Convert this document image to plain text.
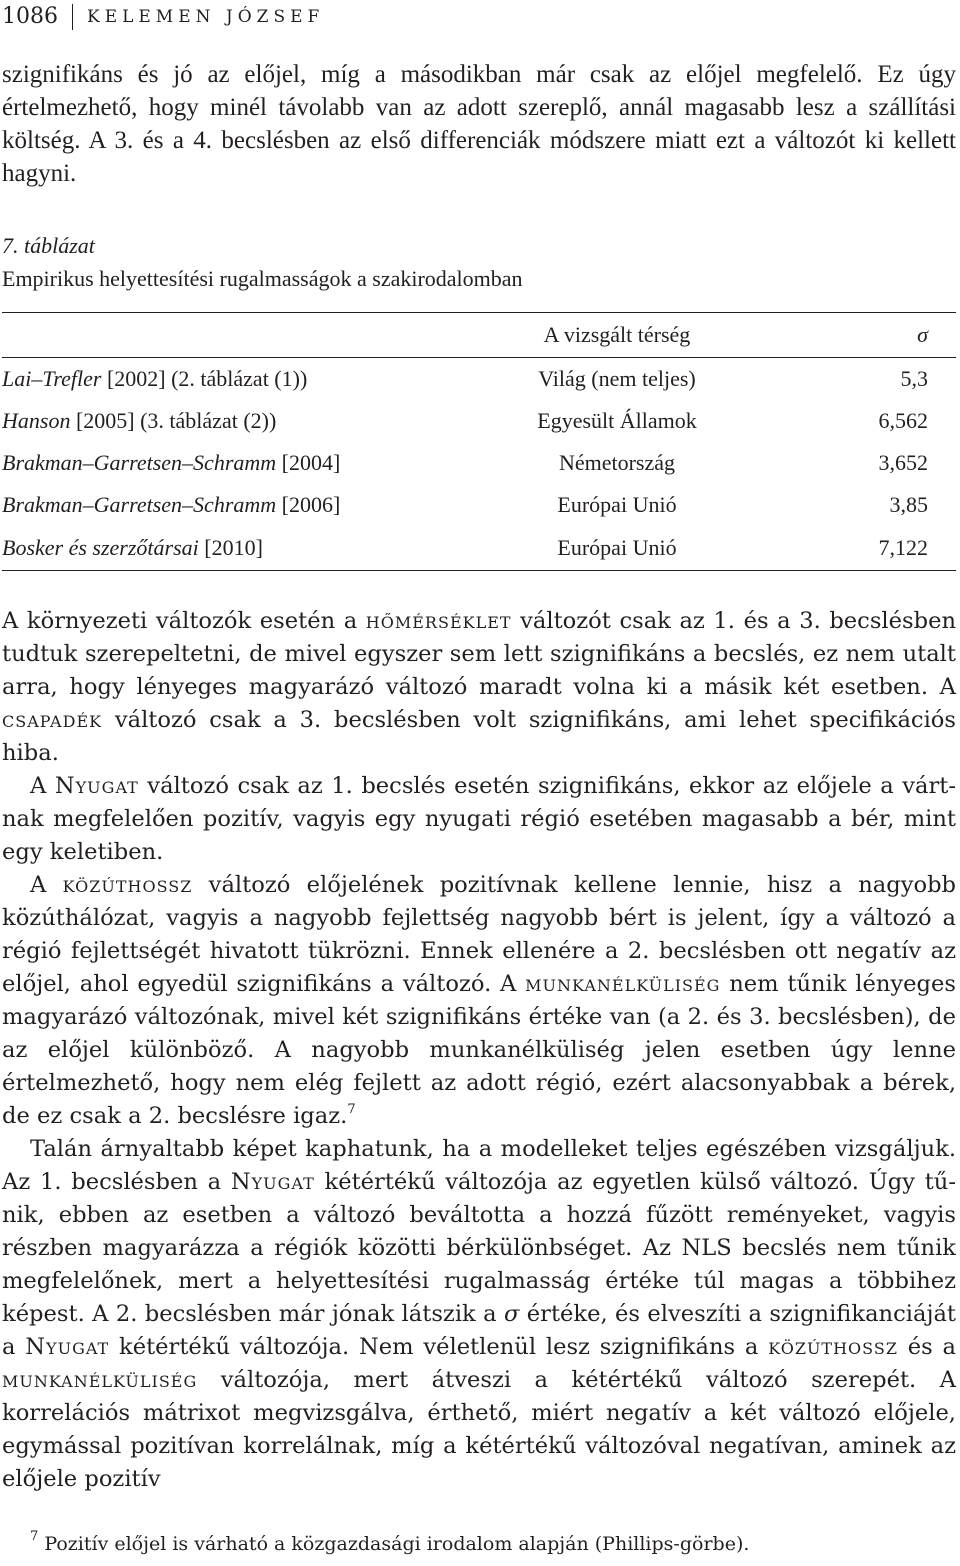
1086	KELEMEN JÓZSEF

szignifikáns és jó az előjel, míg a másodikban már csak az előjel megfelelő. Ez úgy értelmezhető, hogy minél távolabb van az adott szereplő, annál magasabb lesz a szállítási költség. A 3. és a 4. becslésben az első differenciák módszere miatt ezt a változót ki kellett hagyni.

7. táblázat
Empirikus helyettesítési rugalmasságok a szakirodalomban
	A vizsgált térség	σ
Lai–Trefler [2002] (2. táblázat (1))	Világ (nem teljes)	5,3
Hanson [2005] (3. táblázat (2))	Egyesült Államok	6,562
Brakman–Garretsen–Schramm [2004]	Németország	3,652
Brakman–Garretsen–Schramm [2006]	Európai Unió	3,85
Bosker és szerzőtársai [2010]	Európai Unió	7,122

A környezeti változók esetén a hőmérséklet változót csak az 1. és a 3. becslésben tudtuk szerepeltetni, de mivel egyszer sem lett szignifikáns a becslés, ez nem utalt arra, hogy lényeges magyarázó változó maradt volna ki a másik két esetben. A csapadék változó csak a 3. becslésben volt szignifikáns, ami lehet specifikációs hiba.

A Nyugat változó csak az 1. becslés esetén szignifikáns, ekkor az előjele a vártnak megfelelően pozitív, vagyis egy nyugati régió esetében magasabb a bér, mint egy keletiben.

A közúthossz változó előjelének pozitívnak kellene lennie, hisz a nagyobb közúthálózat, vagyis a nagyobb fejlettség nagyobb bért is jelent, így a változó a régió fejlettségét hivatott tükrözni. Ennek ellenére a 2. becslésben ott negatív az előjel, ahol egyedül szignifikáns a változó. A munkanélküliség nem tűnik lényeges magyarázó változónak, mivel két szignifikáns értéke van (a 2. és 3. becslésben), de az előjel különböző. A nagyobb munkanélküliség jelen esetben úgy lenne értelmezhető, hogy nem elég fejlett az adott régió, ezért alacsonyabbak a bérek, de ez csak a 2. becslésre igaz.$^7$

Talán árnyaltabb képet kaphatunk, ha a modelleket teljes egészében vizsgáljuk. Az 1. becslésben a Nyugat kétértékű változója az egyetlen külső változó. Úgy tűnik, ebben az esetben a változó beváltotta a hozzá fűzött reményeket, vagyis részben magyarázza a régiók közötti bérkülönbséget. Az NLS becslés nem tűnik megfelelőnek, mert a helyettesítési rugalmasság értéke túl magas a többihez képest. A 2. becslésben már jónak látszik a σ értéke, és elveszíti a szignifikanciáját a Nyugat kétértékű változója. Nem véletlenül lesz szignifikáns a közúthossz és a munkanélküliség változója, mert átveszi a kétértékű változó szerepét. A korrelációs mátrixot megvizsgálva, érthető, miért negatív a két változó előjele, egymással pozitívan korrelálnak, míg a kétértékű változóval negatívan, aminek az előjele pozitív

$^7$ Pozitív előjel is várható a közgazdasági irodalom alapján (Phillips-görbe).
